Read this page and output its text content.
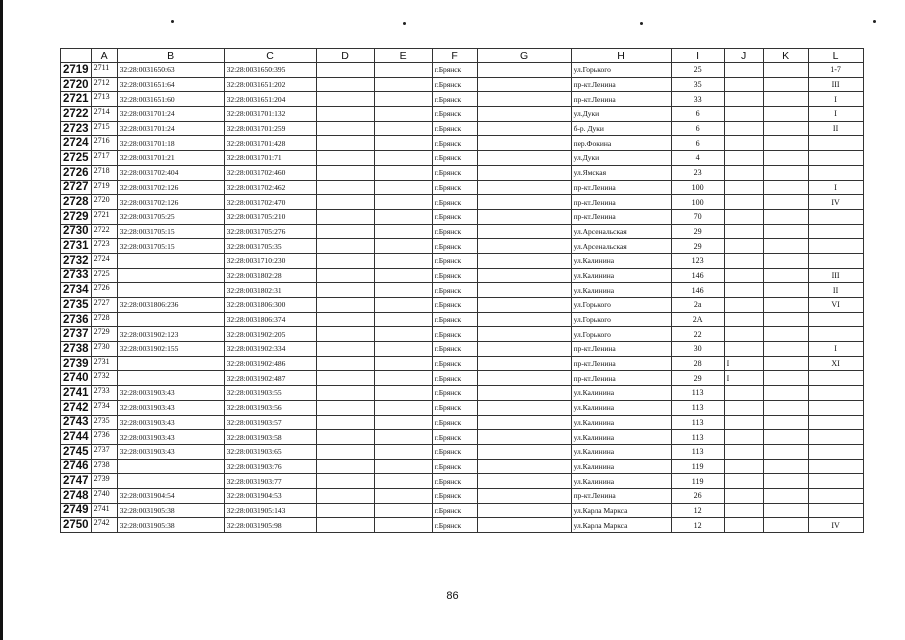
	A	B	C	D	E	F	G	H	I	J	K	L
2719	2711	32:28:0031650:63	32:28:0031650:395			г.Брянск		ул.Горького	25			1-7
2720	2712	32:28:0031651:64	32:28:0031651:202			г.Брянск		пр-кт.Ленина	35			III
2721	2713	32:28:0031651:60	32:28:0031651:204			г.Брянск		пр-кт.Ленина	33			I
2722	2714	32:28:0031701:24	32:28:0031701:132			г.Брянск		ул.Дуки	6			I
2723	2715	32:28:0031701:24	32:28:0031701:259			г.Брянск		б-р. Дуки	6			II
2724	2716	32:28:0031701:18	32:28:0031701:428			г.Брянск		пер.Фокина	6			
2725	2717	32:28:0031701:21	32:28:0031701:71			г.Брянск		ул.Дуки	4			
2726	2718	32:28:0031702:404	32:28:0031702:460			г.Брянск		ул.Ямская	23			
2727	2719	32:28:0031702:126	32:28:0031702:462			г.Брянск		пр-кт.Ленина	100			I
2728	2720	32:28:0031702:126	32:28:0031702:470			г.Брянск		пр-кт.Ленина	100			IV
2729	2721	32:28:0031705:25	32:28:0031705:210			г.Брянск		пр-кт.Ленина	70			
2730	2722	32:28:0031705:15	32:28:0031705:276			г.Брянск		ул.Арсенальская	29			
2731	2723	32:28:0031705:15	32:28:0031705:35			г.Брянск		ул.Арсенальская	29			
2732	2724		32:28:0031710:230			г.Брянск		ул.Калинина	123			
2733	2725		32:28:0031802:28			г.Брянск		ул.Калинина	146			III
2734	2726		32:28:0031802:31			г.Брянск		ул.Калинина	146			II
2735	2727	32:28:0031806:236	32:28:0031806:300			г.Брянск		ул.Горького	2а			VI
2736	2728		32:28:0031806:374			г.Брянск		ул.Горького	2А			
2737	2729	32:28:0031902:123	32:28:0031902:205			г.Брянск		ул.Горького	22			
2738	2730	32:28:0031902:155	32:28:0031902:334			г.Брянск		пр-кт.Ленина	30			I
2739	2731		32:28:0031902:486			г.Брянск		пр-кт.Ленина	28	I		XI
2740	2732		32:28:0031902:487			г.Брянск		пр-кт.Ленина	29	I		
2741	2733	32:28:0031903:43	32:28:0031903:55			г.Брянск		ул.Калинина	113			
2742	2734	32:28:0031903:43	32:28:0031903:56			г.Брянск		ул.Калинина	113			
2743	2735	32:28:0031903:43	32:28:0031903:57			г.Брянск		ул.Калинина	113			
2744	2736	32:28:0031903:43	32:28:0031903:58			г.Брянск		ул.Калинина	113			
2745	2737	32:28:0031903:43	32:28:0031903:65			г.Брянск		ул.Калинина	113			
2746	2738		32:28:0031903:76			г.Брянск		ул.Калинина	119			
2747	2739		32:28:0031903:77			г.Брянск		ул.Калинина	119			
2748	2740	32:28:0031904:54	32:28:0031904:53			г.Брянск		пр-кт.Ленина	26			
2749	2741	32:28:0031905:38	32:28:0031905:143			г.Брянск		ул.Карла Маркса	12			
2750	2742	32:28:0031905:38	32:28:0031905:98			г.Брянск		ул.Карла Маркса	12			IV
86
